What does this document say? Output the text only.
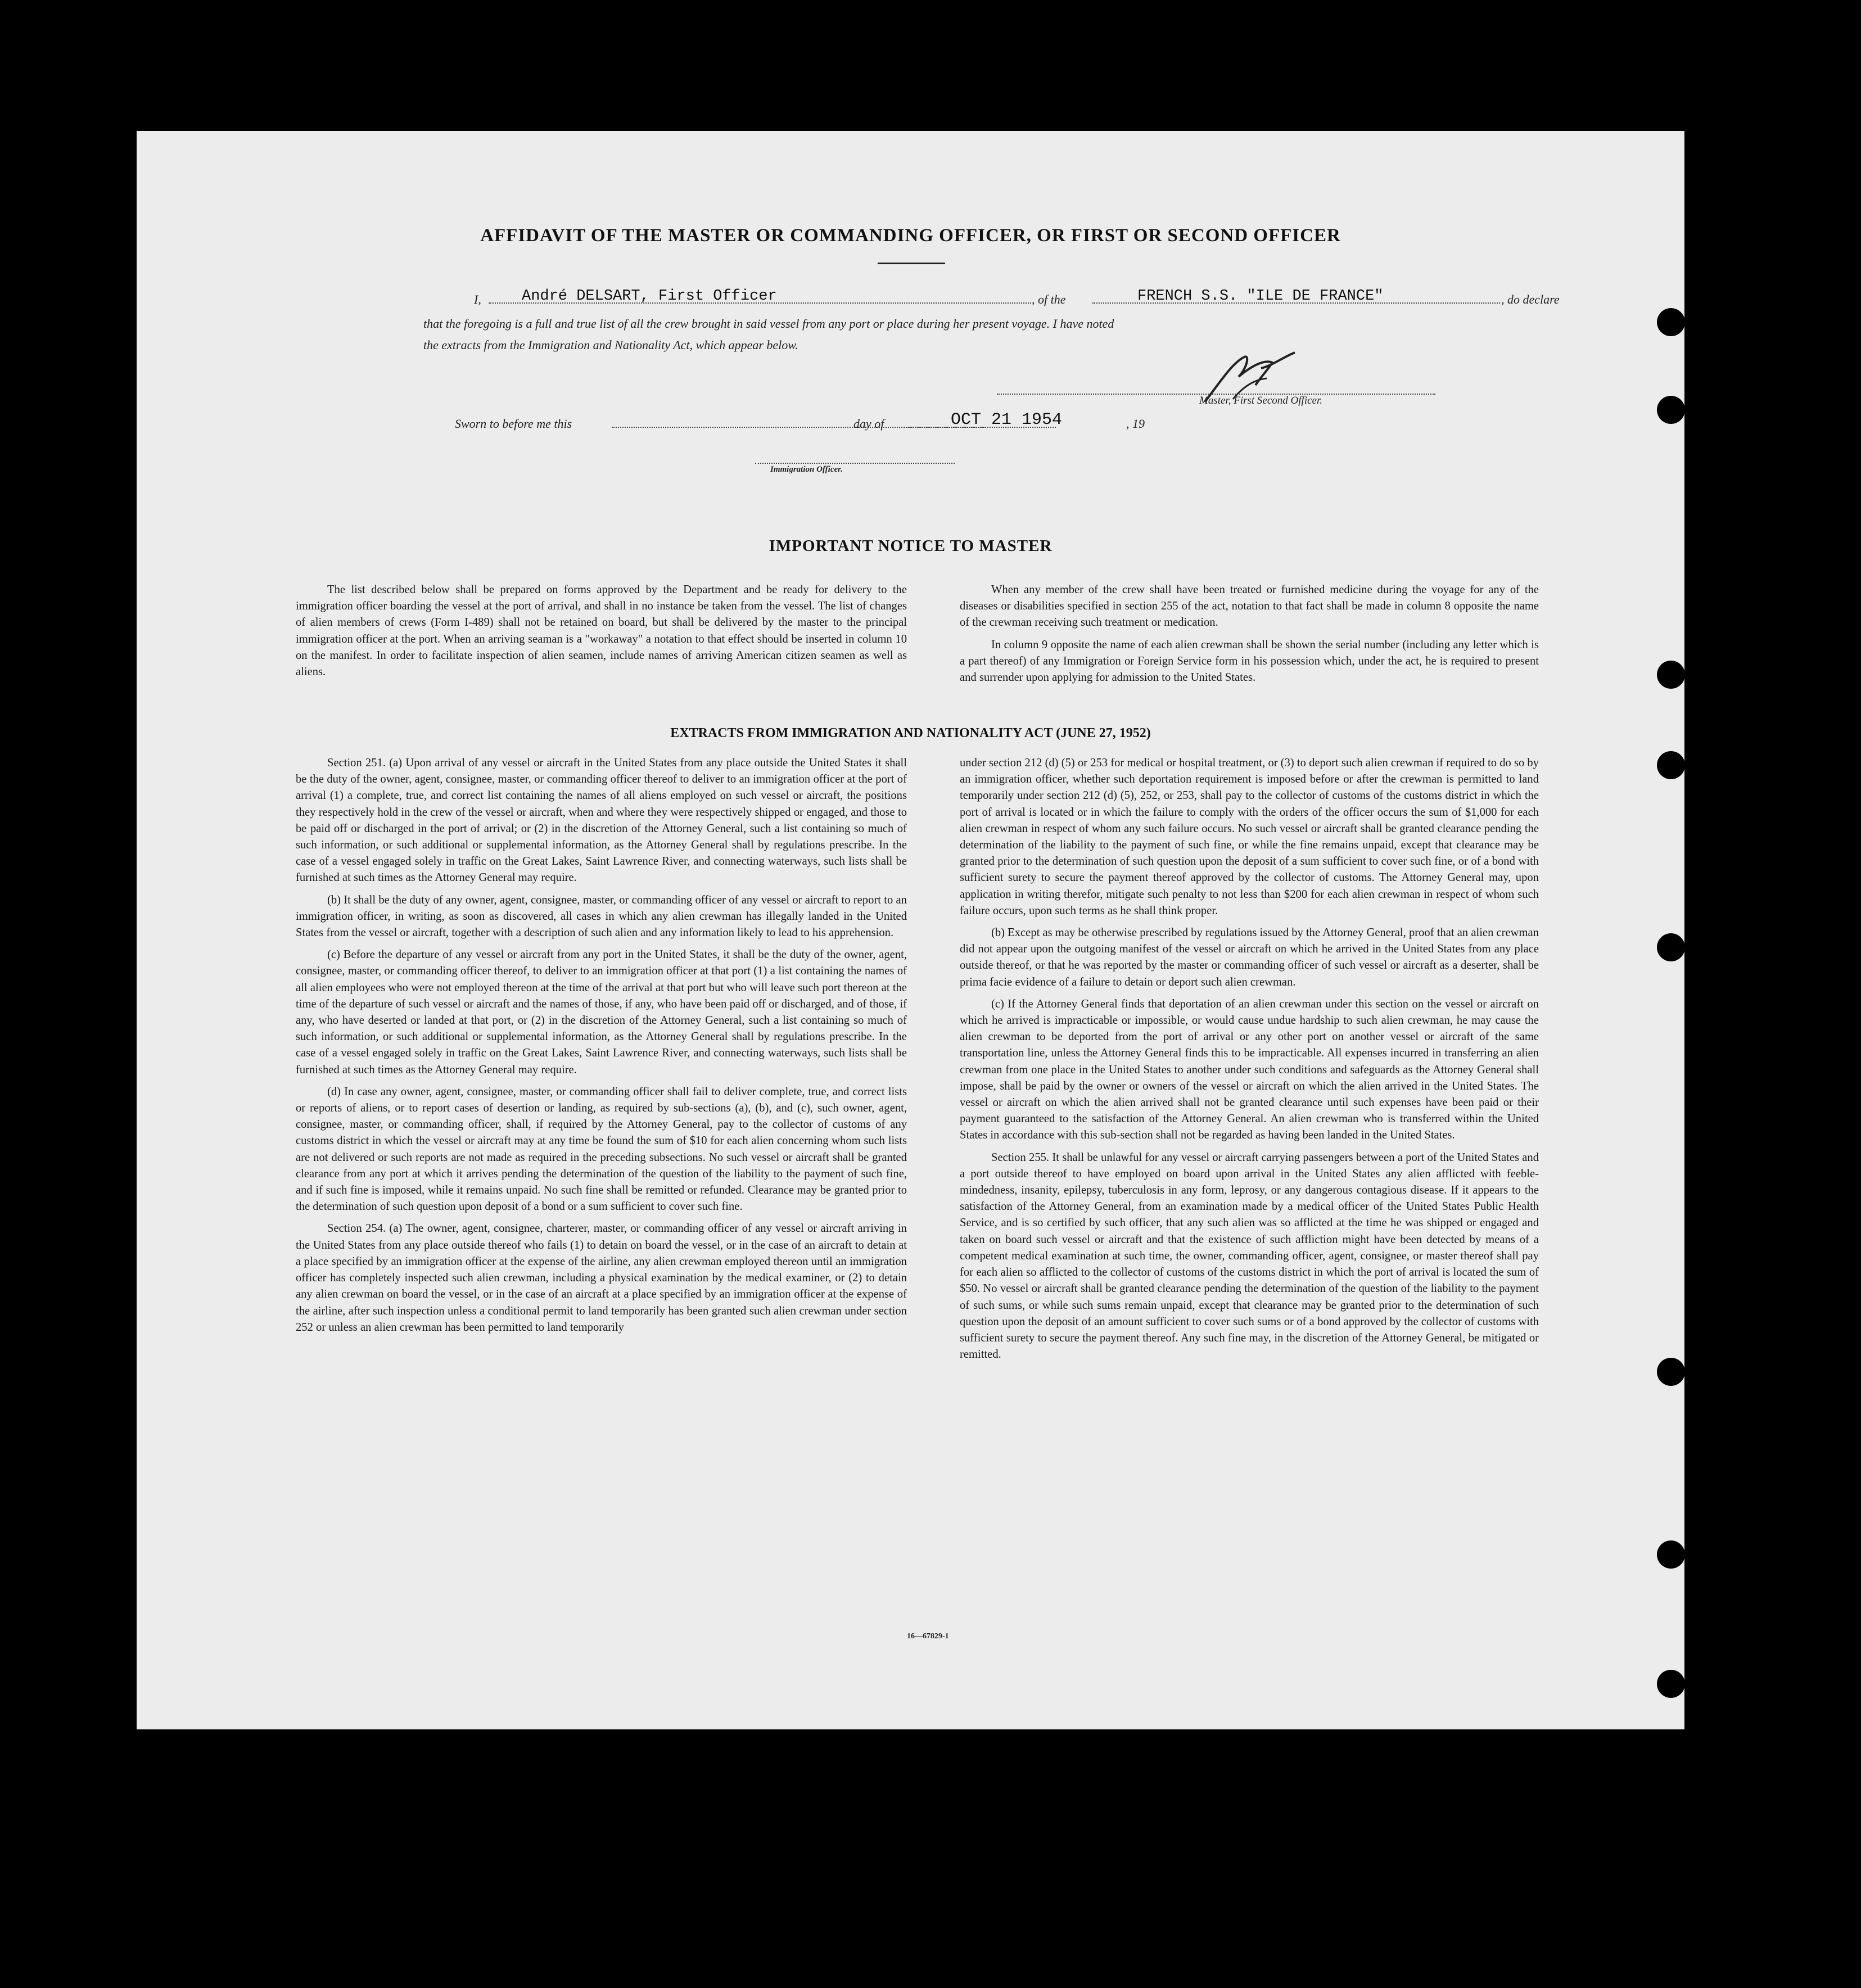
AFFIDAVIT OF THE MASTER OR COMMANDING OFFICER, OR FIRST OR SECOND OFFICER
I,	André DELSART, First Officer	, of the	FRENCH S.S. "ILE DE FRANCE"	, do declare
that the foregoing is a full and true list of all the crew brought in said vessel from any port or place during her present voyage. I have noted
the extracts from the Immigration and Nationality Act, which appear below.
Master, First Second Officer.
Sworn to before me this	day of	OCT 21 1954	, 19
Immigration Officer.
IMPORTANT NOTICE TO MASTER

The list described below shall be prepared on forms approved by the Department and be ready for delivery to the immigration officer boarding the vessel at the port of arrival, and shall in no instance be taken from the vessel. The list of changes of alien members of crews (Form I-489) shall not be retained on board, but shall be delivered by the master to the principal immigration officer at the port. When an arriving seaman is a "workaway" a notation to that effect should be inserted in column 10 on the manifest. In order to facilitate inspection of alien seamen, include names of arriving American citizen seamen as well as aliens.

When any member of the crew shall have been treated or furnished medicine during the voyage for any of the diseases or disabilities specified in section 255 of the act, notation to that fact shall be made in column 8 opposite the name of the crewman receiving such treatment or medication.

In column 9 opposite the name of each alien crewman shall be shown the serial number (including any letter which is a part thereof) of any Immigration or Foreign Service form in his possession which, under the act, he is required to present and surrender upon applying for admission to the United States.

EXTRACTS FROM IMMIGRATION AND NATIONALITY ACT (JUNE 27, 1952)

Section 251. (a) Upon arrival of any vessel or aircraft in the United States from any place outside the United States it shall be the duty of the owner, agent, consignee, master, or commanding officer thereof to deliver to an immigration officer at the port of arrival (1) a complete, true, and correct list containing the names of all aliens employed on such vessel or aircraft, the positions they respectively hold in the crew of the vessel or aircraft, when and where they were respectively shipped or engaged, and those to be paid off or discharged in the port of arrival; or (2) in the discretion of the Attorney General, such a list containing so much of such information, or such additional or supplemental information, as the Attorney General shall by regulations prescribe. In the case of a vessel engaged solely in traffic on the Great Lakes, Saint Lawrence River, and connecting waterways, such lists shall be furnished at such times as the Attorney General may require.

(b) It shall be the duty of any owner, agent, consignee, master, or commanding officer of any vessel or aircraft to report to an immigration officer, in writing, as soon as discovered, all cases in which any alien crewman has illegally landed in the United States from the vessel or aircraft, together with a description of such alien and any information likely to lead to his apprehension.

(c) Before the departure of any vessel or aircraft from any port in the United States, it shall be the duty of the owner, agent, consignee, master, or commanding officer thereof, to deliver to an immigration officer at that port (1) a list containing the names of all alien employees who were not employed thereon at the time of the arrival at that port but who will leave such port thereon at the time of the departure of such vessel or aircraft and the names of those, if any, who have been paid off or discharged, and of those, if any, who have deserted or landed at that port, or (2) in the discretion of the Attorney General, such a list containing so much of such information, or such additional or supplemental information, as the Attorney General shall by regulations prescribe. In the case of a vessel engaged solely in traffic on the Great Lakes, Saint Lawrence River, and connecting waterways, such lists shall be furnished at such times as the Attorney General may require.

(d) In case any owner, agent, consignee, master, or commanding officer shall fail to deliver complete, true, and correct lists or reports of aliens, or to report cases of desertion or landing, as required by sub-sections (a), (b), and (c), such owner, agent, consignee, master, or commanding officer, shall, if required by the Attorney General, pay to the collector of customs of any customs district in which the vessel or aircraft may at any time be found the sum of $10 for each alien concerning whom such lists are not delivered or such reports are not made as required in the preceding subsections. No such vessel or aircraft shall be granted clearance from any port at which it arrives pending the determination of the question of the liability to the payment of such fine, and if such fine is imposed, while it remains unpaid. No such fine shall be remitted or refunded. Clearance may be granted prior to the determination of such question upon deposit of a bond or a sum sufficient to cover such fine.

Section 254. (a) The owner, agent, consignee, charterer, master, or commanding officer of any vessel or aircraft arriving in the United States from any place outside thereof who fails (1) to detain on board the vessel, or in the case of an aircraft to detain at a place specified by an immigration officer at the expense of the airline, any alien crewman employed thereon until an immigration officer has completely inspected such alien crewman, including a physical examination by the medical examiner, or (2) to detain any alien crewman on board the vessel, or in the case of an aircraft at a place specified by an immigration officer at the expense of the airline, after such inspection unless a conditional permit to land temporarily has been granted such alien crewman under section 252 or unless an alien crewman has been permitted to land temporarily

under section 212 (d) (5) or 253 for medical or hospital treatment, or (3) to deport such alien crewman if required to do so by an immigration officer, whether such deportation requirement is imposed before or after the crewman is permitted to land temporarily under section 212 (d) (5), 252, or 253, shall pay to the collector of customs of the customs district in which the port of arrival is located or in which the failure to comply with the orders of the officer occurs the sum of $1,000 for each alien crewman in respect of whom any such failure occurs. No such vessel or aircraft shall be granted clearance pending the determination of the liability to the payment of such fine, or while the fine remains unpaid, except that clearance may be granted prior to the determination of such question upon the deposit of a sum sufficient to cover such fine, or of a bond with sufficient surety to secure the payment thereof approved by the collector of customs. The Attorney General may, upon application in writing therefor, mitigate such penalty to not less than $200 for each alien crewman in respect of whom such failure occurs, upon such terms as he shall think proper.

(b) Except as may be otherwise prescribed by regulations issued by the Attorney General, proof that an alien crewman did not appear upon the outgoing manifest of the vessel or aircraft on which he arrived in the United States from any place outside thereof, or that he was reported by the master or commanding officer of such vessel or aircraft as a deserter, shall be prima facie evidence of a failure to detain or deport such alien crewman.

(c) If the Attorney General finds that deportation of an alien crewman under this section on the vessel or aircraft on which he arrived is impracticable or impossible, or would cause undue hardship to such alien crewman, he may cause the alien crewman to be deported from the port of arrival or any other port on another vessel or aircraft of the same transportation line, unless the Attorney General finds this to be impracticable. All expenses incurred in transferring an alien crewman from one place in the United States to another under such conditions and safeguards as the Attorney General shall impose, shall be paid by the owner or owners of the vessel or aircraft on which the alien arrived in the United States. The vessel or aircraft on which the alien arrived shall not be granted clearance until such expenses have been paid or their payment guaranteed to the satisfaction of the Attorney General. An alien crewman who is transferred within the United States in accordance with this sub-section shall not be regarded as having been landed in the United States.

Section 255. It shall be unlawful for any vessel or aircraft carrying passengers between a port of the United States and a port outside thereof to have employed on board upon arrival in the United States any alien afflicted with feeble-mindedness, insanity, epilepsy, tuberculosis in any form, leprosy, or any dangerous contagious disease. If it appears to the satisfaction of the Attorney General, from an examination made by a medical officer of the United States Public Health Service, and is so certified by such officer, that any such alien was so afflicted at the time he was shipped or engaged and taken on board such vessel or aircraft and that the existence of such affliction might have been detected by means of a competent medical examination at such time, the owner, commanding officer, agent, consignee, or master thereof shall pay for each alien so afflicted to the collector of customs of the customs district in which the port of arrival is located the sum of $50. No vessel or aircraft shall be granted clearance pending the determination of the question of the liability to the payment of such sums, or while such sums remain unpaid, except that clearance may be granted prior to the determination of such question upon the deposit of an amount sufficient to cover such sums or of a bond approved by the collector of customs with sufficient surety to secure the payment thereof. Any such fine may, in the discretion of the Attorney General, be mitigated or remitted.

16—67829-1
